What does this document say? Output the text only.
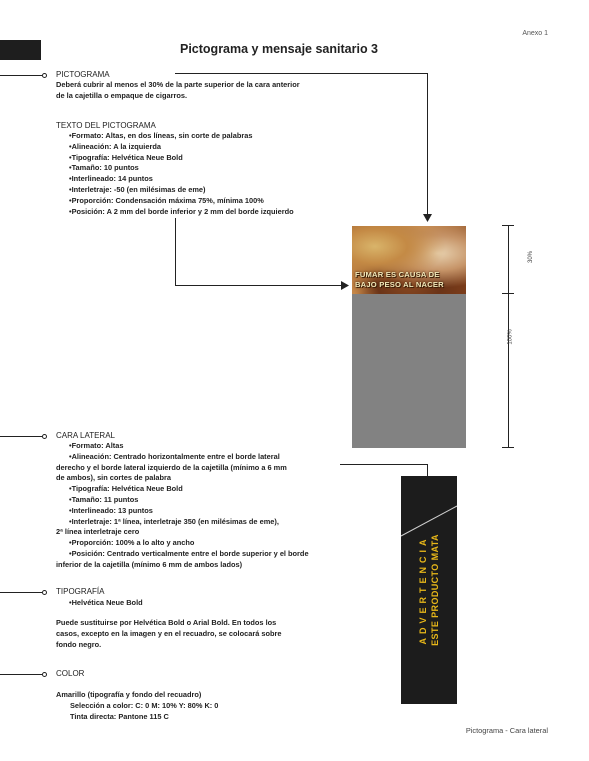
Anexo 1
Pictograma y mensaje sanitario 3
PICTOGRAMA
Deberá cubrir al menos el 30% de la parte superior de la cara anterior
de la cajetilla o empaque de cigarros.
TEXTO DEL PICTOGRAMA
•Formato: Altas, en dos líneas, sin corte de palabras
•Alineación: A la izquierda
•Tipografía: Helvética Neue Bold
•Tamaño: 10 puntos
•Interlineado: 14 puntos
•Interletraje: -50 (en milésimas de eme)
•Proporción: Condensación máxima 75%, mínima 100%
•Posición: A 2 mm del borde inferior y 2 mm del borde izquierdo
FUMAR ES CAUSA DE
BAJO PESO AL NACER
30%
100%
CARA LATERAL
•Formato: Altas
•Alineación: Centrado horizontalmente entre el borde lateral
derecho y el borde lateral izquierdo de la cajetilla (mínimo a 6 mm
de ambos), sin cortes de palabra
•Tipografía: Helvética Neue Bold
•Tamaño: 11 puntos
•Interlineado: 13 puntos
•Interletraje: 1ª línea, interletraje 350 (en milésimas de eme),
2ª línea interletraje cero
•Proporción: 100% a lo alto y ancho
•Posición: Centrado verticalmente entre el borde superior y el borde
inferior de la cajetilla (mínimo 6 mm de ambos lados)	ADVERTENCIA ESTE PRODUCTO MATA
TIPOGRAFÍA
•Helvética Neue Bold
Puede sustituirse por Helvética Bold o Arial Bold. En todos los
casos, excepto en la imagen y en el recuadro, se colocará sobre
fondo negro.
COLOR
Amarillo (tipografía y fondo del recuadro)
Selección a color: C: 0 M: 10% Y: 80% K: 0
Tinta directa: Pantone 115 C
Pictograma - Cara lateral
